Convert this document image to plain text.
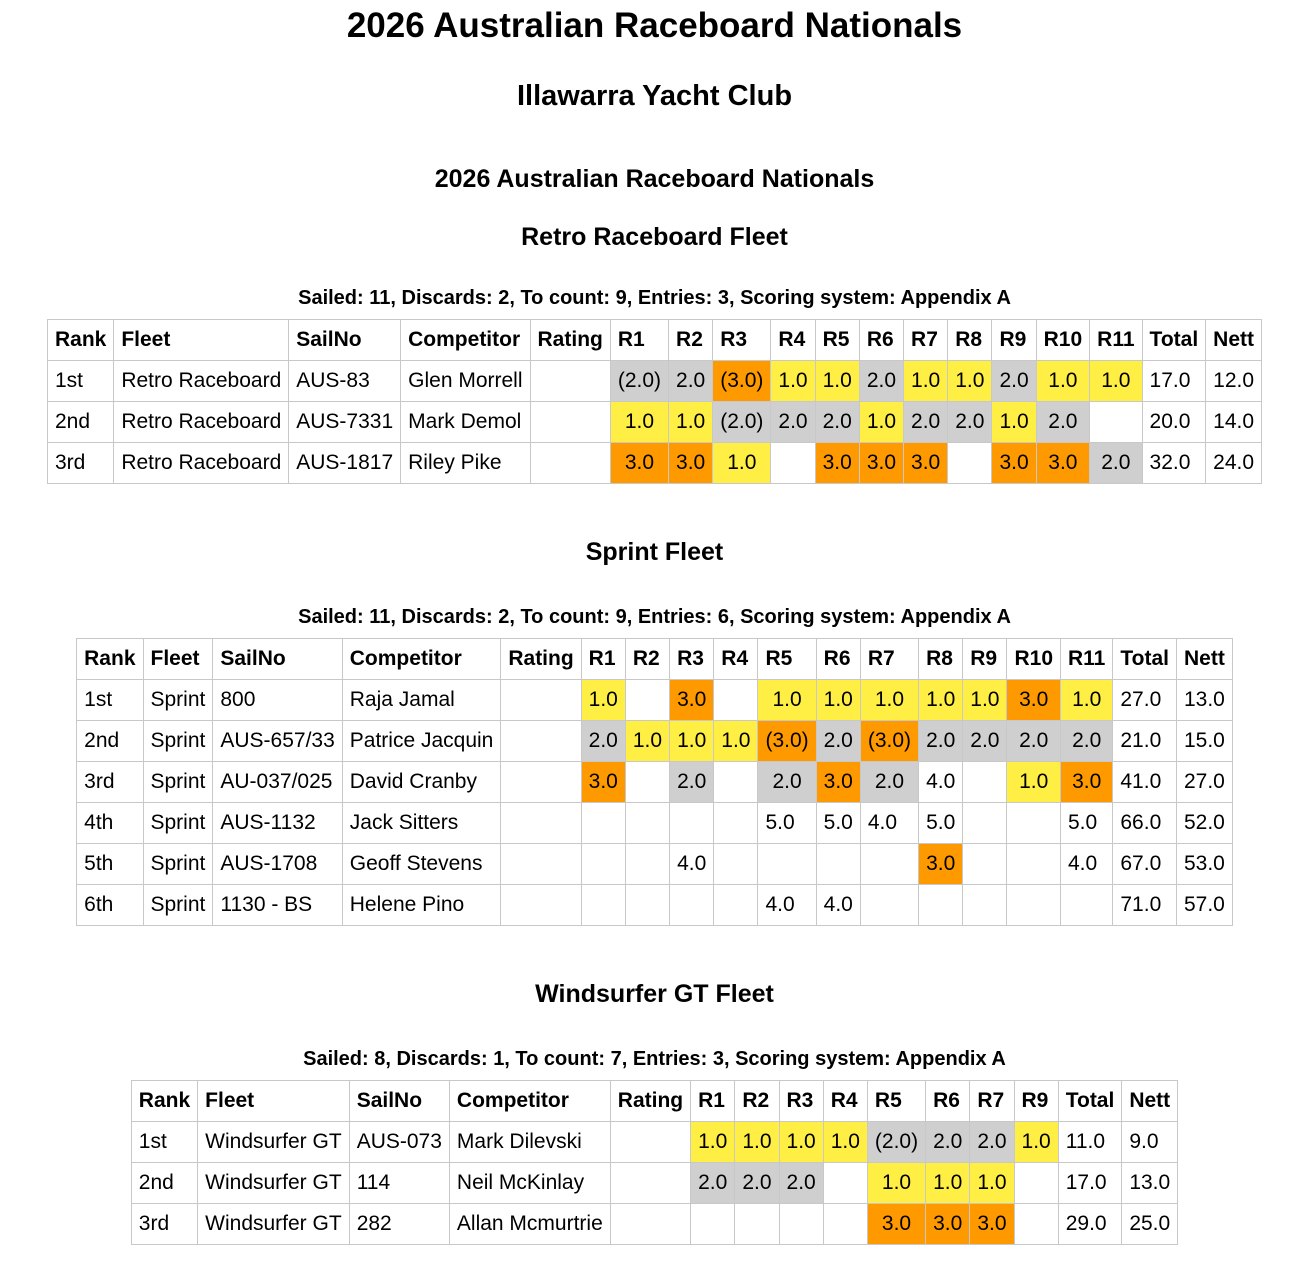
2026 Australian Raceboard Nationals
Illawarra Yacht Club
2026 Australian Raceboard Nationals
Retro Raceboard Fleet

Sailed: 11, Discards: 2, To count: 9, Entries: 3, Scoring system: Appendix A

Rank	Fleet	SailNo	Competitor	Rating	R1	R2	R3	R4	R5	R6	R7	R8	R9	R10	R11	Total	Nett
1st	Retro Raceboard	AUS-83	Glen Morrell		(2.0)	2.0	(3.0)	1.0	1.0	2.0	1.0	1.0	2.0	1.0	1.0	17.0	12.0
2nd	Retro Raceboard	AUS-7331	Mark Demol		1.0	1.0	(2.0)	2.0	2.0	1.0	2.0	2.0	1.0	2.0		20.0	14.0
3rd	Retro Raceboard	AUS-1817	Riley Pike		3.0	3.0	1.0		3.0	3.0	3.0		3.0	3.0	2.0	32.0	24.0
Sprint Fleet

Sailed: 11, Discards: 2, To count: 9, Entries: 6, Scoring system: Appendix A

Rank	Fleet	SailNo	Competitor	Rating	R1	R2	R3	R4	R5	R6	R7	R8	R9	R10	R11	Total	Nett
1st	Sprint	800	Raja Jamal		1.0		3.0		1.0	1.0	1.0	1.0	1.0	3.0	1.0	27.0	13.0
2nd	Sprint	AUS-657/33	Patrice Jacquin		2.0	1.0	1.0	1.0	(3.0)	2.0	(3.0)	2.0	2.0	2.0	2.0	21.0	15.0
3rd	Sprint	AU-037/025	David Cranby		3.0		2.0		2.0	3.0	2.0	4.0		1.0	3.0	41.0	27.0
4th	Sprint	AUS-1132	Jack Sitters						5.0	5.0	4.0	5.0			5.0	66.0	52.0
5th	Sprint	AUS-1708	Geoff Stevens				4.0					3.0			4.0	67.0	53.0
6th	Sprint	1130 - BS	Helene Pino						4.0	4.0						71.0	57.0
Windsurfer GT Fleet

Sailed: 8, Discards: 1, To count: 7, Entries: 3, Scoring system: Appendix A

Rank	Fleet	SailNo	Competitor	Rating	R1	R2	R3	R4	R5	R6	R7	R9	Total	Nett
1st	Windsurfer GT	AUS-073	Mark Dilevski		1.0	1.0	1.0	1.0	(2.0)	2.0	2.0	1.0	11.0	9.0
2nd	Windsurfer GT	114	Neil McKinlay		2.0	2.0	2.0		1.0	1.0	1.0		17.0	13.0
3rd	Windsurfer GT	282	Allan Mcmurtrie						3.0	3.0	3.0		29.0	25.0
